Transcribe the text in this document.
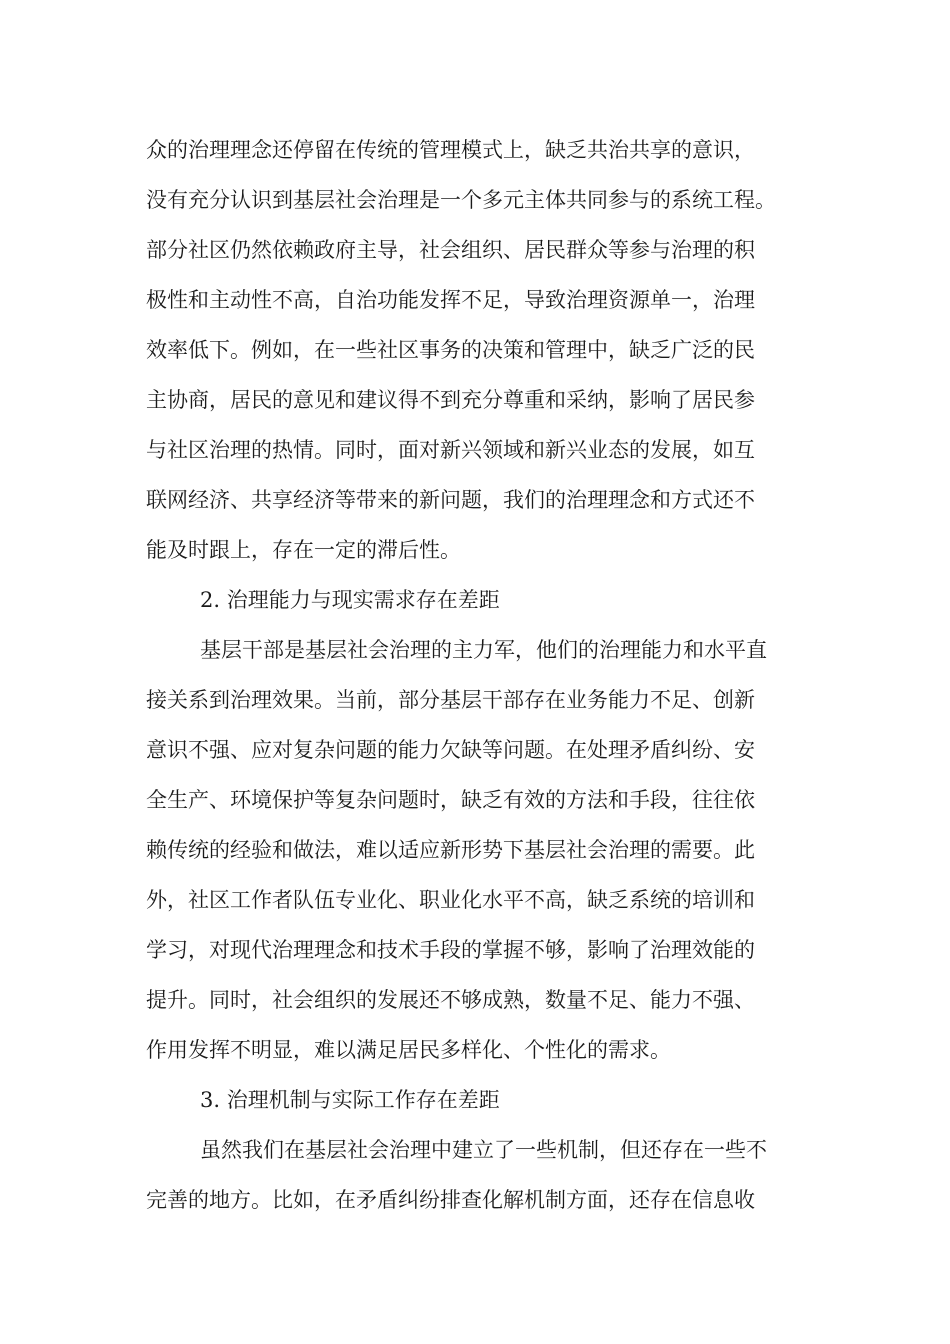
众的治理理念还停留在传统的管理模式上，缺乏共治共享的意识，

没有充分认识到基层社会治理是一个多元主体共同参与的系统工程。

部分社区仍然依赖政府主导，社会组织、居民群众等参与治理的积

极性和主动性不高，自治功能发挥不足，导致治理资源单一，治理

效率低下。例如，在一些社区事务的决策和管理中，缺乏广泛的民

主协商，居民的意见和建议得不到充分尊重和采纳，影响了居民参

与社区治理的热情。同时，面对新兴领域和新兴业态的发展，如互

联网经济、共享经济等带来的新问题，我们的治理理念和方式还不

能及时跟上，存在一定的滞后性。

2. 治理能力与现实需求存在差距

基层干部是基层社会治理的主力军，他们的治理能力和水平直

接关系到治理效果。当前，部分基层干部存在业务能力不足、创新

意识不强、应对复杂问题的能力欠缺等问题。在处理矛盾纠纷、安

全生产、环境保护等复杂问题时，缺乏有效的方法和手段，往往依

赖传统的经验和做法，难以适应新形势下基层社会治理的需要。此

外，社区工作者队伍专业化、职业化水平不高，缺乏系统的培训和

学习，对现代治理理念和技术手段的掌握不够，影响了治理效能的

提升。同时，社会组织的发展还不够成熟，数量不足、能力不强、

作用发挥不明显，难以满足居民多样化、个性化的需求。

3. 治理机制与实际工作存在差距

虽然我们在基层社会治理中建立了一些机制，但还存在一些不

完善的地方。比如，在矛盾纠纷排查化解机制方面，还存在信息收
